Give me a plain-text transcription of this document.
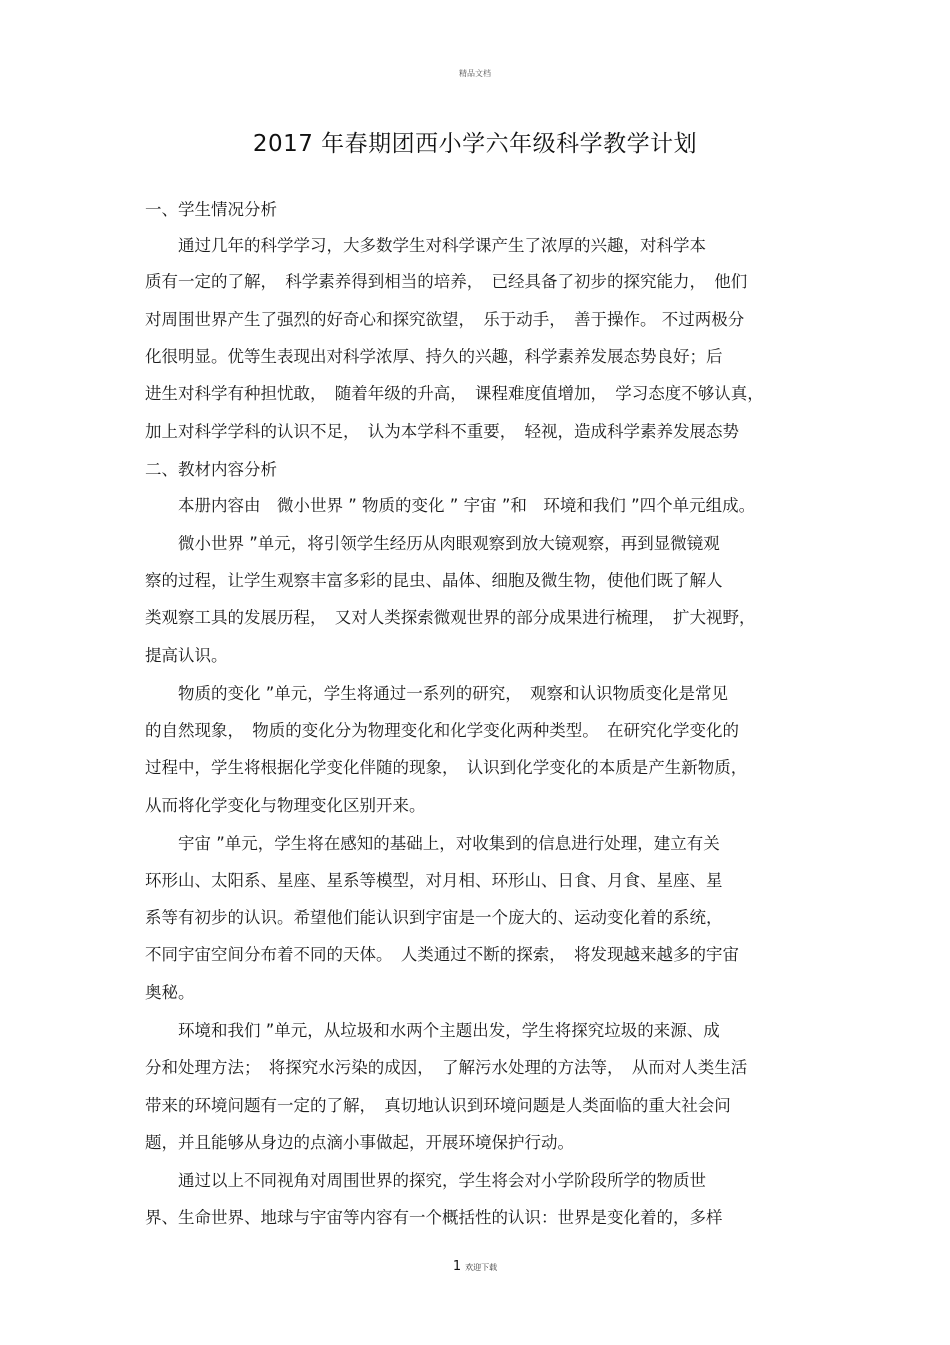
精品文档
2017 年春期团西小学六年级科学教学计划
一、学生情况分析
　　通过几年的科学学习，大多数学生对科学课产生了浓厚的兴趣，对科学本
质有一定的了解，　科学素养得到相当的培养，　已经具备了初步的探究能力，　他们
对周围世界产生了强烈的好奇心和探究欲望，　乐于动手，　善于操作。 不过两极分
化很明显。优等生表现出对科学浓厚、持久的兴趣，科学素养发展态势良好；后
进生对科学有种担忧敢，　随着年级的升高，　课程难度值增加，　学习态度不够认真，
加上对科学学科的认识不足，　认为本学科不重要，　轻视，造成科学素养发展态势
二、教材内容分析
　　本册内容由　微小世界 ” 物质的变化 ” 宇宙 ”和　环境和我们 ”四个单元组成。
　　微小世界 ”单元，将引领学生经历从肉眼观察到放大镜观察，再到显微镜观
察的过程，让学生观察丰富多彩的昆虫、晶体、细胞及微生物，使他们既了解人
类观察工具的发展历程，　又对人类探索微观世界的部分成果进行梳理，　扩大视野，
提高认识。
　　物质的变化 ”单元，学生将通过一系列的研究，　观察和认识物质变化是常见
的自然现象，　物质的变化分为物理变化和化学变化两种类型。　在研究化学变化的
过程中，学生将根据化学变化伴随的现象，　认识到化学变化的本质是产生新物质，
从而将化学变化与物理变化区别开来。
　　宇宙 ”单元，学生将在感知的基础上，对收集到的信息进行处理，建立有关
环形山、太阳系、星座、星系等模型，对月相、环形山、日食、月食、星座、星
系等有初步的认识。希望他们能认识到宇宙是一个庞大的、运动变化着的系统，
不同宇宙空间分布着不同的天体。　人类通过不断的探索，　将发现越来越多的宇宙
奥秘。
　　环境和我们 ”单元，从垃圾和水两个主题出发，学生将探究垃圾的来源、成
分和处理方法；　将探究水污染的成因，　了解污水处理的方法等，　从而对人类生活
带来的环境问题有一定的了解，　真切地认识到环境问题是人类面临的重大社会问
题，并且能够从身边的点滴小事做起，开展环境保护行动。
　　通过以上不同视角对周围世界的探究，学生将会对小学阶段所学的物质世
界、生命世界、地球与宇宙等内容有一个概括性的认识：世界是变化着的，多样
1 欢迎下载
